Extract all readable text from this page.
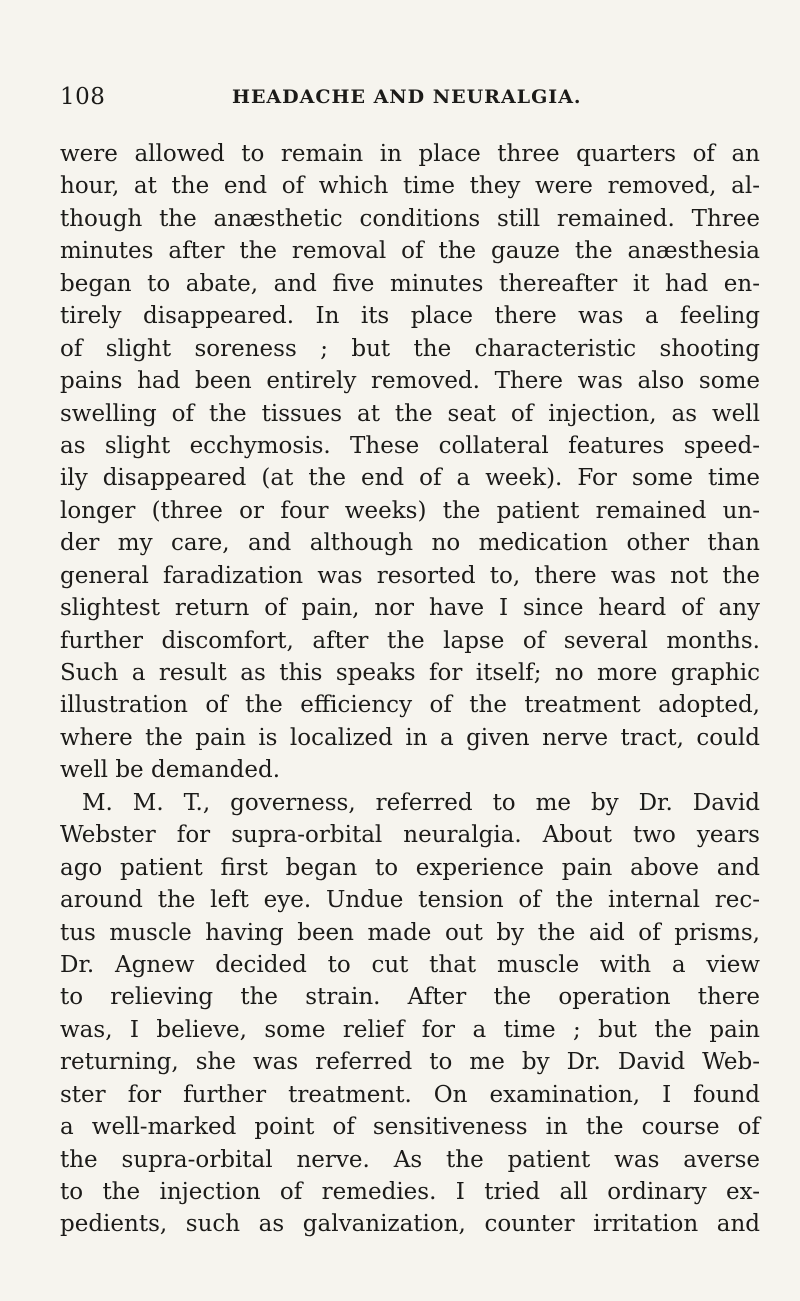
108	HEADACHE AND NEURALGIA.
were allowed to remain in place three quarters of an
hour, at the end of which time they were removed, al-
though the anæsthetic conditions still remained. Three
minutes after the removal of the gauze the anæsthesia
began to abate, and five minutes thereafter it had en-
tirely disappeared. In its place there was a feeling
of slight soreness ; but the characteristic shooting
pains had been entirely removed. There was also some
swelling of the tissues at the seat of injection, as well
as slight ecchymosis. These collateral features speed-
ily disappeared (at the end of a week). For some time
longer (three or four weeks) the patient remained un-
der my care, and although no medication other than
general faradization was resorted to, there was not the
slightest return of pain, nor have I since heard of any
further discomfort, after the lapse of several months.
Such a result as this speaks for itself; no more graphic
illustration of the efficiency of the treatment adopted,
where the pain is localized in a given nerve tract, could
well be demanded.
M. M. T., governess, referred to me by Dr. David
Webster for supra-orbital neuralgia. About two years
ago patient first began to experience pain above and
around the left eye. Undue tension of the internal rec-
tus muscle having been made out by the aid of prisms,
Dr. Agnew decided to cut that muscle with a view
to relieving the strain. After the operation there
was, I believe, some relief for a time ; but the pain
returning, she was referred to me by Dr. David Web-
ster for further treatment. On examination, I found
a well-marked point of sensitiveness in the course of
the supra-orbital nerve. As the patient was averse
to the injection of remedies. I tried all ordinary ex-
pedients, such as galvanization, counter irritation and
